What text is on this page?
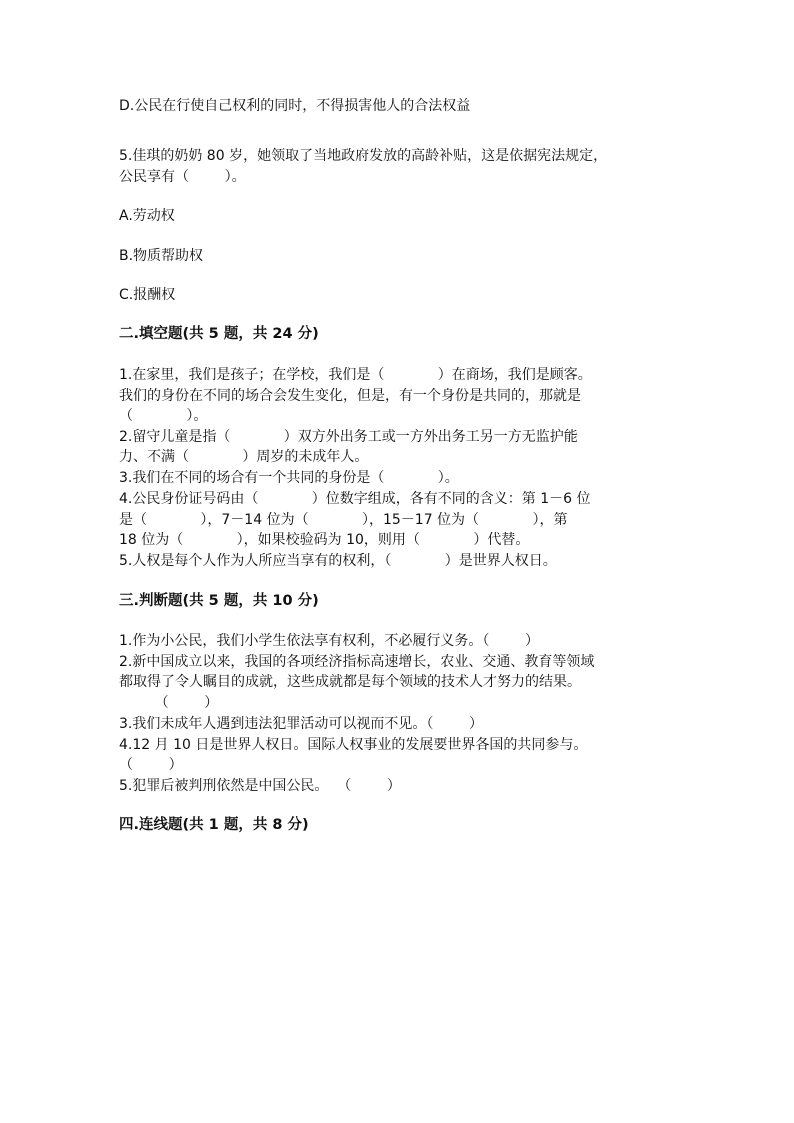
D.公民在行使自己权利的同时，不得损害他人的合法权益

5.佳琪的奶奶 80 岁，她领取了当地政府发放的高龄补贴，这是依据宪法规定，

公民享有（        ）。

A.劳动权

B.物质帮助权

C.报酬权

二.填空题(共 5 题，共 24 分)

1.在家里，我们是孩子；在学校，我们是（            ）在商场，我们是顾客。

我们的身份在不同的场合会发生变化，但是，有一个身份是共同的，那就是

（            ）。

2.留守儿童是指（            ）双方外出务工或一方外出务工另一方无监护能

力、不满（            ）周岁的未成年人。

3.我们在不同的场合有一个共同的身份是（            ）。

4.公民身份证号码由（            ）位数字组成，各有不同的含义：第 1－6 位

是（            ），7－14 位为（            ），15－17 位为（            ），第

18 位为（            ），如果校验码为 10，则用（            ）代替。

5.人权是每个人作为人所应当享有的权利，（            ）是世界人权日。

三.判断题(共 5 题，共 10 分)

1.作为小公民，我们小学生依法享有权利，不必履行义务。（        ）

2.新中国成立以来，我国的各项经济指标高速增长，农业、交通、教育等领域

都取得了令人瞩目的成就，这些成就都是每个领域的技术人才努力的结果。

（        ）

3.我们未成年人遇到违法犯罪活动可以视而不见。（        ）

4.12 月 10 日是世界人权日。国际人权事业的发展要世界各国的共同参与。

（        ）

5.犯罪后被判刑依然是中国公民。  （        ）

四.连线题(共 1 题，共 8 分)
